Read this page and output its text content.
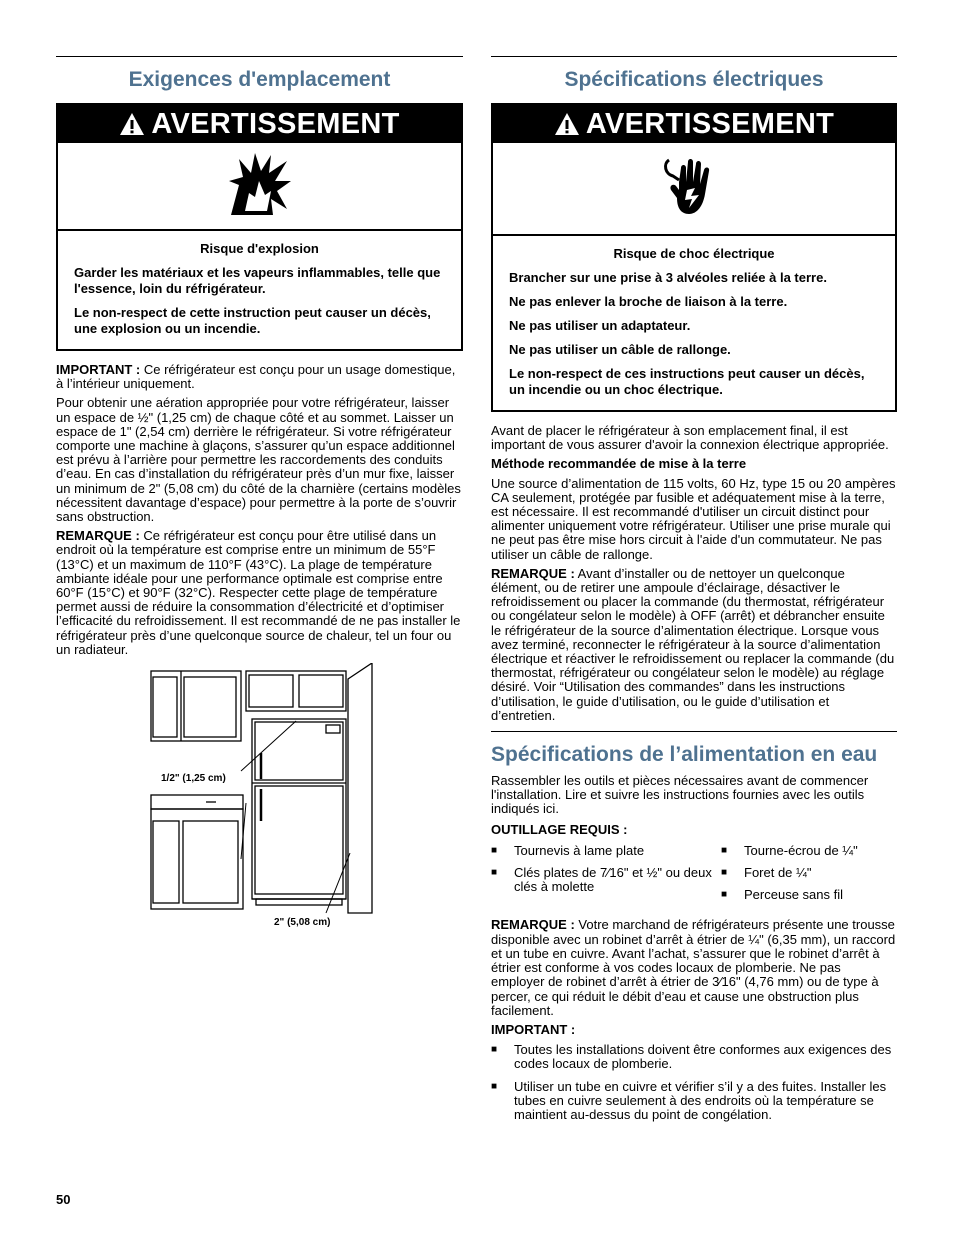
Exigences d'emplacement
AVERTISSEMENT

Risque d'explosion

Garder les matériaux et les vapeurs inflammables, telle que l'essence, loin du réfrigérateur.

Le non-respect de cette instruction peut causer un décès, une explosion ou un incendie.

IMPORTANT : Ce réfrigérateur est conçu pour un usage domestique, à l’intérieur uniquement.

Pour obtenir une aération appropriée pour votre réfrigérateur, laisser un espace de ½" (1,25 cm) de chaque côté et au sommet. Laisser un espace de 1" (2,54 cm) derrière le réfrigérateur. Si votre réfrigérateur comporte une machine à glaçons, s’assurer qu’un espace additionnel est prévu à l’arrière pour permettre les raccordements des conduits d’eau. En cas d’installation du réfrigérateur près d’un mur fixe, laisser un minimum de 2" (5,08 cm) du côté de la charnière (certains modèles nécessitent davantage d’espace) pour permettre à la porte de s’ouvrir sans obstruction.

REMARQUE : Ce réfrigérateur est conçu pour être utilisé dans un endroit où la température est comprise entre un minimum de 55°F (13°C) et un maximum de 110°F (43°C). La plage de température ambiante idéale pour une performance optimale est comprise entre 60°F (15°C) et 90°F (32°C). Respecter cette plage de température permet aussi de réduire la consommation d’électricité et d’optimiser l’efficacité du refroidissement. Il est recommandé de ne pas installer le réfrigérateur près d’une quelconque source de chaleur, tel un four ou un radiateur.

1/2" (1,25 cm)
2" (5,08 cm)
Spécifications électriques
AVERTISSEMENT

Risque de choc électrique

Brancher sur une prise à 3 alvéoles reliée à la terre.

Ne pas enlever la broche de liaison à la terre.

Ne pas utiliser un adaptateur.

Ne pas utiliser un câble de rallonge.

Le non-respect de ces instructions peut causer un décès, un incendie ou un choc électrique.

Avant de placer le réfrigérateur à son emplacement final, il est important de vous assurer d'avoir la connexion électrique appropriée.

Méthode recommandée de mise à la terre

Une source d’alimentation de 115 volts, 60 Hz, type 15 ou 20 ampères CA seulement, protégée par fusible et adéquatement mise à la terre, est nécessaire. Il est recommandé d'utiliser un circuit distinct pour alimenter uniquement votre réfrigérateur. Utiliser une prise murale qui ne peut pas être mise hors circuit à l'aide d'un commutateur. Ne pas utiliser un câble de rallonge.

REMARQUE : Avant d’installer ou de nettoyer un quelconque élément, ou de retirer une ampoule d’éclairage, désactiver le refroidissement ou placer la commande (du thermostat, réfrigérateur ou congélateur selon le modèle) à OFF (arrêt) et débrancher ensuite le réfrigérateur de la source d’alimentation électrique. Lorsque vous avez terminé, reconnecter le réfrigérateur à la source d’alimentation électrique et réactiver le refroidissement ou replacer la commande (du thermostat, réfrigérateur ou congélateur selon le modèle) au réglage désiré. Voir “Utilisation des commandes” dans les instructions d’utilisation, le guide d’utilisation, ou le guide d’utilisation et d’entretien.

Spécifications de l’alimentation en eau

Rassembler les outils et pièces nécessaires avant de commencer l'installation. Lire et suivre les instructions fournies avec les outils indiqués ici.

OUTILLAGE REQUIS :

■ Tournevis à lame plate
■ Clés plates de 7⁄16" et ½" ou deux clés à molette
■ Tourne-écrou de ¼"
■ Foret de ¼"
■ Perceuse sans fil

REMARQUE : Votre marchand de réfrigérateurs présente une trousse disponible avec un robinet d’arrêt à étrier de ¼" (6,35 mm), un raccord et un tube en cuivre. Avant l’achat, s’assurer que le robinet d’arrêt à étrier est conforme à vos codes locaux de plomberie. Ne pas employer de robinet d’arrêt à étrier de 3⁄16" (4,76 mm) ou de type à percer, ce qui réduit le débit d’eau et cause une obstruction plus facilement.

IMPORTANT :

■ Toutes les installations doivent être conformes aux exigences des codes locaux de plomberie.
■ Utiliser un tube en cuivre et vérifier s’il y a des fuites. Installer les tubes en cuivre seulement à des endroits où la température se maintient au-dessus du point de congélation.
50
